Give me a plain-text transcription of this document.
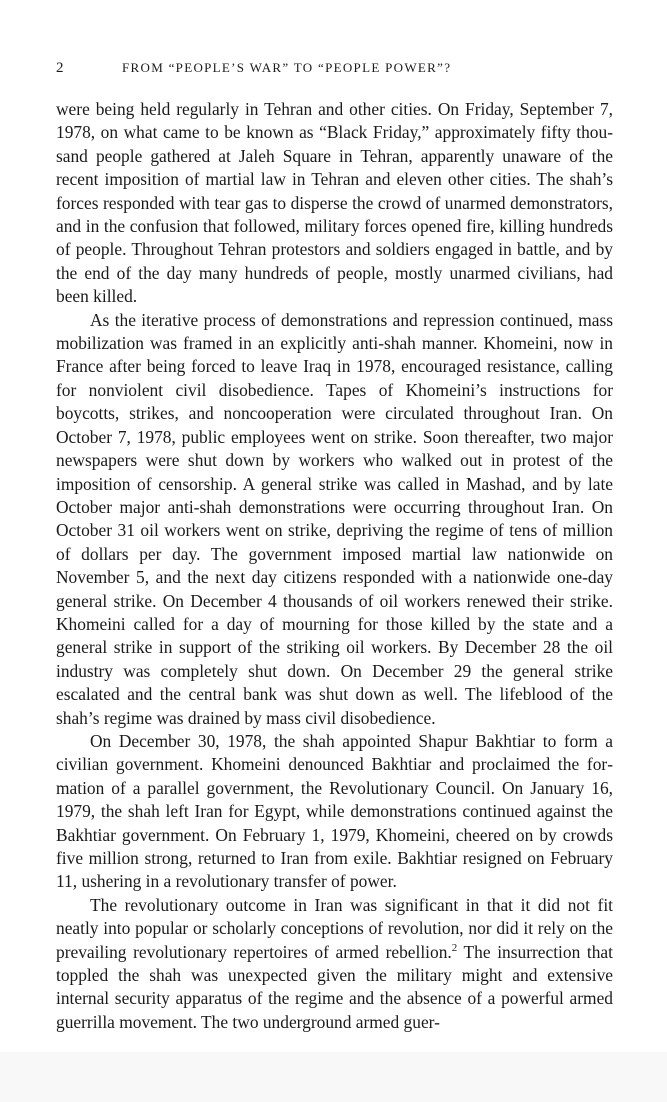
2	FROM “PEOPLE’S WAR” TO “PEOPLE POWER”?

were being held regularly in Tehran and other cities. On Friday, September 7, 1978, on what came to be known as “Black Friday,” approximately fifty thousand people gathered at Jaleh Square in Tehran, apparently unaware of the recent imposition of martial law in Tehran and eleven other cities. The shah’s forces responded with tear gas to disperse the crowd of unarmed demonstrators, and in the confusion that followed, military forces opened fire, killing hundreds of people. Throughout Tehran protestors and soldiers engaged in battle, and by the end of the day many hundreds of people, mostly unarmed civilians, had been killed.

As the iterative process of demonstrations and repression continued, mass mobilization was framed in an explicitly anti-shah manner. Khomeini, now in France after being forced to leave Iraq in 1978, encouraged resistance, calling for nonviolent civil disobedience. Tapes of Khomeini’s instructions for boycotts, strikes, and noncooperation were circulated throughout Iran. On October 7, 1978, public employees went on strike. Soon thereafter, two major newspapers were shut down by workers who walked out in protest of the imposition of censorship. A general strike was called in Mashad, and by late October major anti-shah demonstrations were occurring throughout Iran. On October 31 oil workers went on strike, depriving the regime of tens of million of dollars per day. The government imposed martial law nationwide on November 5, and the next day citizens responded with a nationwide one-day general strike. On December 4 thousands of oil workers renewed their strike. Khomeini called for a day of mourning for those killed by the state and a general strike in support of the striking oil workers. By December 28 the oil industry was completely shut down. On December 29 the general strike escalated and the central bank was shut down as well. The lifeblood of the shah’s regime was drained by mass civil disobedience.

On December 30, 1978, the shah appointed Shapur Bakhtiar to form a civilian government. Khomeini denounced Bakhtiar and proclaimed the formation of a parallel government, the Revolutionary Council. On January 16, 1979, the shah left Iran for Egypt, while demonstrations continued against the Bakhtiar government. On February 1, 1979, Khomeini, cheered on by crowds five million strong, returned to Iran from exile. Bakhtiar resigned on February 11, ushering in a revolutionary transfer of power.

The revolutionary outcome in Iran was significant in that it did not fit neatly into popular or scholarly conceptions of revolution, nor did it rely on the prevailing revolutionary repertoires of armed rebellion.$^2$ The insurrection that toppled the shah was unexpected given the military might and extensive internal security apparatus of the regime and the absence of a powerful armed guerrilla movement. The two underground armed guer-
